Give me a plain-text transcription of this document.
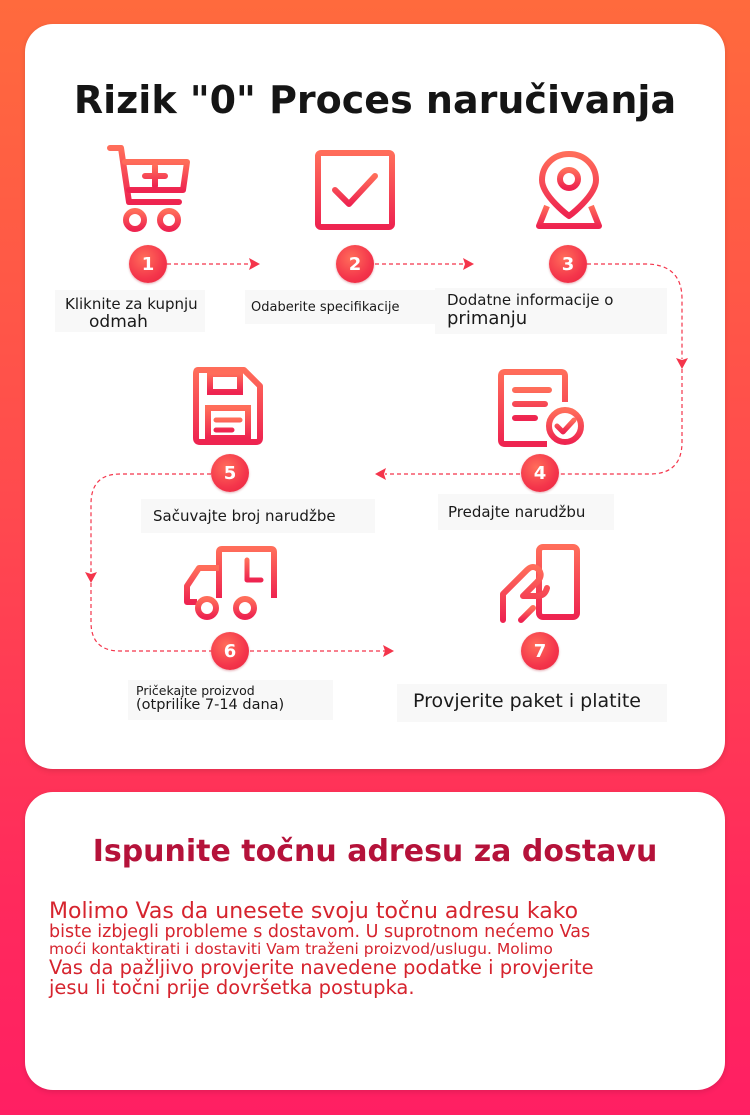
Rizik "0" Proces naručivanja
1
Kliknite za kupnju
odmah
2
Odaberite specifikacije
3
Dodatne informacije o
primanju
4
Predajte narudžbu
5
Sačuvajte broj narudžbe
6
Pričekajte proizvod
(otprilike 7-14 dana)
7
Provjerite paket i platite
Ispunite točnu adresu za dostavu

Molimo Vas da unesete svoju točnu adresu kako
biste izbjegli probleme s dostavom. U suprotnom nećemo Vas
moći kontaktirati i dostaviti Vam traženi proizvod/uslugu. Molimo
Vas da pažljivo provjerite navedene podatke i provjerite
jesu li točni prije dovršetka postupka.
